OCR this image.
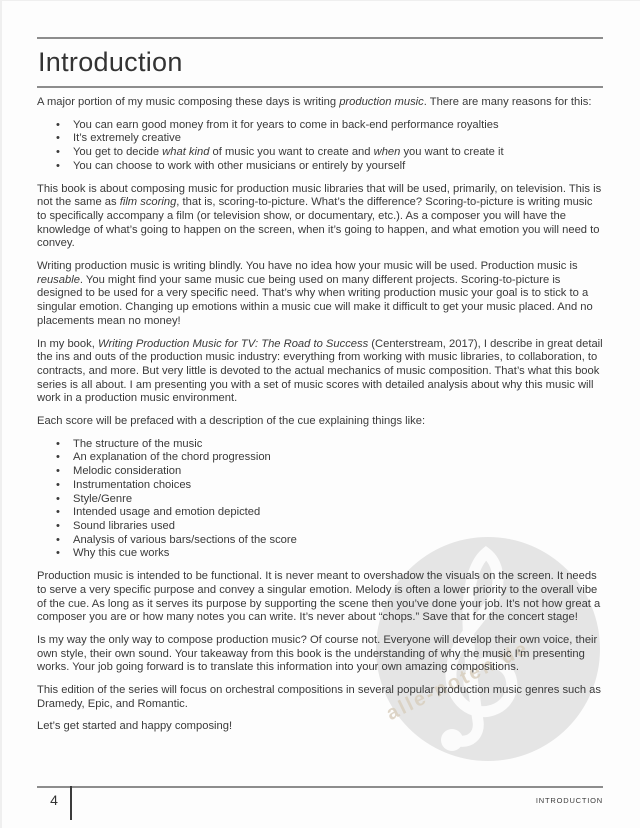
alle-noten.de
Introduction

A major portion of my music composing these days is writing production music. There are many reasons for this:

• You can earn good money from it for years to come in back-end performance royalties
• It’s extremely creative
• You get to decide what kind of music you want to create and when you want to create it
• You can choose to work with other musicians or entirely by yourself

This book is about composing music for production music libraries that will be used, primarily, on television. This is not the same as film scoring, that is, scoring-to-picture. What’s the difference? Scoring-to-picture is writing music to specifically accompany a film (or television show, or documentary, etc.). As a composer you will have the knowledge of what’s going to happen on the screen, when it’s going to happen, and what emotion you will need to convey.

Writing production music is writing blindly. You have no idea how your music will be used. Production music is reusable. You might find your same music cue being used on many different projects. Scoring-to-picture is designed to be used for a very specific need. That’s why when writing production music your goal is to stick to a singular emotion. Changing up emotions within a music cue will make it difficult to get your music placed. And no placements mean no money!

In my book, Writing Production Music for TV: The Road to Success (Centerstream, 2017), I describe in great detail the ins and outs of the production music industry: everything from working with music libraries, to collaboration, to contracts, and more. But very little is devoted to the actual mechanics of music composition. That’s what this book series is all about. I am presenting you with a set of music scores with detailed analysis about why this music will work in a production music environment.

Each score will be prefaced with a description of the cue explaining things like:

• The structure of the music
• An explanation of the chord progression
• Melodic consideration
• Instrumentation choices
• Style/Genre
• Intended usage and emotion depicted
• Sound libraries used
• Analysis of various bars/sections of the score
• Why this cue works

Production music is intended to be functional. It is never meant to overshadow the visuals on the screen. It needs to serve a very specific purpose and convey a singular emotion. Melody is often a lower priority to the overall vibe of the cue. As long as it serves its purpose by supporting the scene then you’ve done your job. It’s not how great a composer you are or how many notes you can write. It’s never about “chops.” Save that for the concert stage!

Is my way the only way to compose production music? Of course not. Everyone will develop their own voice, their own style, their own sound. Your takeaway from this book is the understanding of why the music I’m presenting works. Your job going forward is to translate this information into your own amazing compositions.

This edition of the series will focus on orchestral compositions in several popular production music genres such as Dramedy, Epic, and Romantic.

Let’s get started and happy composing!

4	INTRODUCTION
